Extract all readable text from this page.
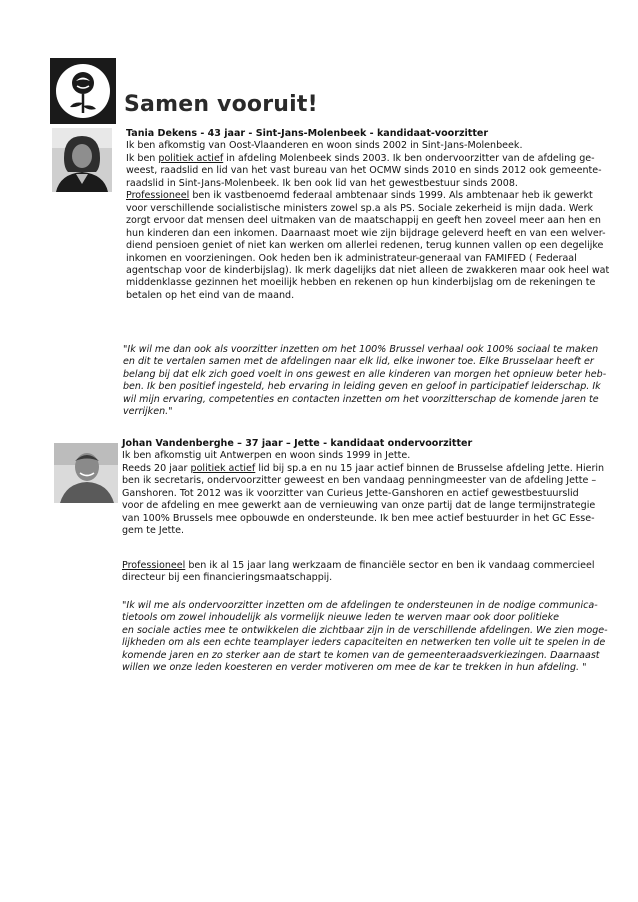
Samen vooruit!

Tania Dekens - 43 jaar - Sint-Jans-Molenbeek - kandidaat-voorzitter

Ik ben afkomstig van Oost-Vlaanderen en woon sinds 2002 in Sint-Jans-Molenbeek.

Ik ben politiek actief in afdeling Molenbeek sinds 2003. Ik ben ondervoorzitter van de afdeling ge-

weest, raadslid en lid van het vast bureau van het OCMW sinds 2010 en sinds 2012 ook gemeente-

raadslid in Sint-Jans-Molenbeek. Ik ben ook lid van het gewestbestuur sinds 2008.

Professioneel ben ik vastbenoemd federaal ambtenaar sinds 1999. Als ambtenaar heb ik gewerkt

voor verschillende socialistische ministers zowel sp.a als PS. Sociale zekerheid is mijn dada. Werk

zorgt ervoor dat mensen deel uitmaken van de maatschappij en geeft hen zoveel meer aan hen en

hun kinderen dan een inkomen. Daarnaast moet wie zijn bijdrage geleverd heeft en van een welver-

diend pensioen geniet of niet kan werken om allerlei redenen, terug kunnen vallen op een degelijke

inkomen en voorzieningen. Ook heden ben ik administrateur-generaal van FAMIFED ( Federaal

agentschap voor de kinderbijslag). Ik merk dagelijks dat niet alleen de zwakkeren maar ook heel wat

middenklasse gezinnen het moeilijk hebben en rekenen op hun kinderbijslag om de rekeningen te

betalen op het eind van de maand.

"Ik wil me dan ook als voorzitter inzetten om het 100% Brussel verhaal ook 100% sociaal te maken

en dit te vertalen samen met de afdelingen naar elk lid, elke inwoner toe. Elke Brusselaar heeft er

belang bij dat elk zich goed voelt in ons gewest en alle kinderen van morgen het opnieuw beter heb-

ben. Ik ben positief ingesteld, heb ervaring in leiding geven en geloof in participatief leiderschap. Ik

wil mijn ervaring, competenties en contacten inzetten om het voorzitterschap de komende jaren te

verrijken."

Johan Vandenberghe – 37 jaar – Jette - kandidaat ondervoorzitter

Ik ben afkomstig uit Antwerpen en woon sinds 1999 in Jette.

Reeds 20 jaar politiek actief lid bij sp.a en nu 15 jaar actief binnen de Brusselse afdeling Jette. Hierin

ben ik secretaris, ondervoorzitter geweest en ben vandaag penningmeester van de afdeling Jette –

Ganshoren. Tot 2012 was ik voorzitter van Curieus Jette-Ganshoren en actief gewestbestuurslid

voor de afdeling en mee gewerkt aan de vernieuwing van onze partij dat de lange termijnstrategie

van 100% Brussels mee opbouwde en ondersteunde. Ik ben mee actief bestuurder in het GC Esse-

gem te Jette.

Professioneel ben ik al 15 jaar lang werkzaam de financiële sector en ben ik vandaag commercieel

directeur bij een financieringsmaatschappij.

"Ik wil me als ondervoorzitter inzetten om de afdelingen te ondersteunen in de nodige communica-

tietools om zowel inhoudelijk als vormelijk nieuwe leden te werven maar ook door politieke

en sociale acties mee te ontwikkelen die zichtbaar zijn in de verschillende afdelingen. We zien moge-

lijkheden om als een echte teamplayer ieders capaciteiten en netwerken ten volle uit te spelen in de

komende jaren en zo sterker aan de start te komen van de gemeenteraadsverkiezingen. Daarnaast

willen we onze leden koesteren en verder motiveren om mee de kar te trekken in hun afdeling. "
